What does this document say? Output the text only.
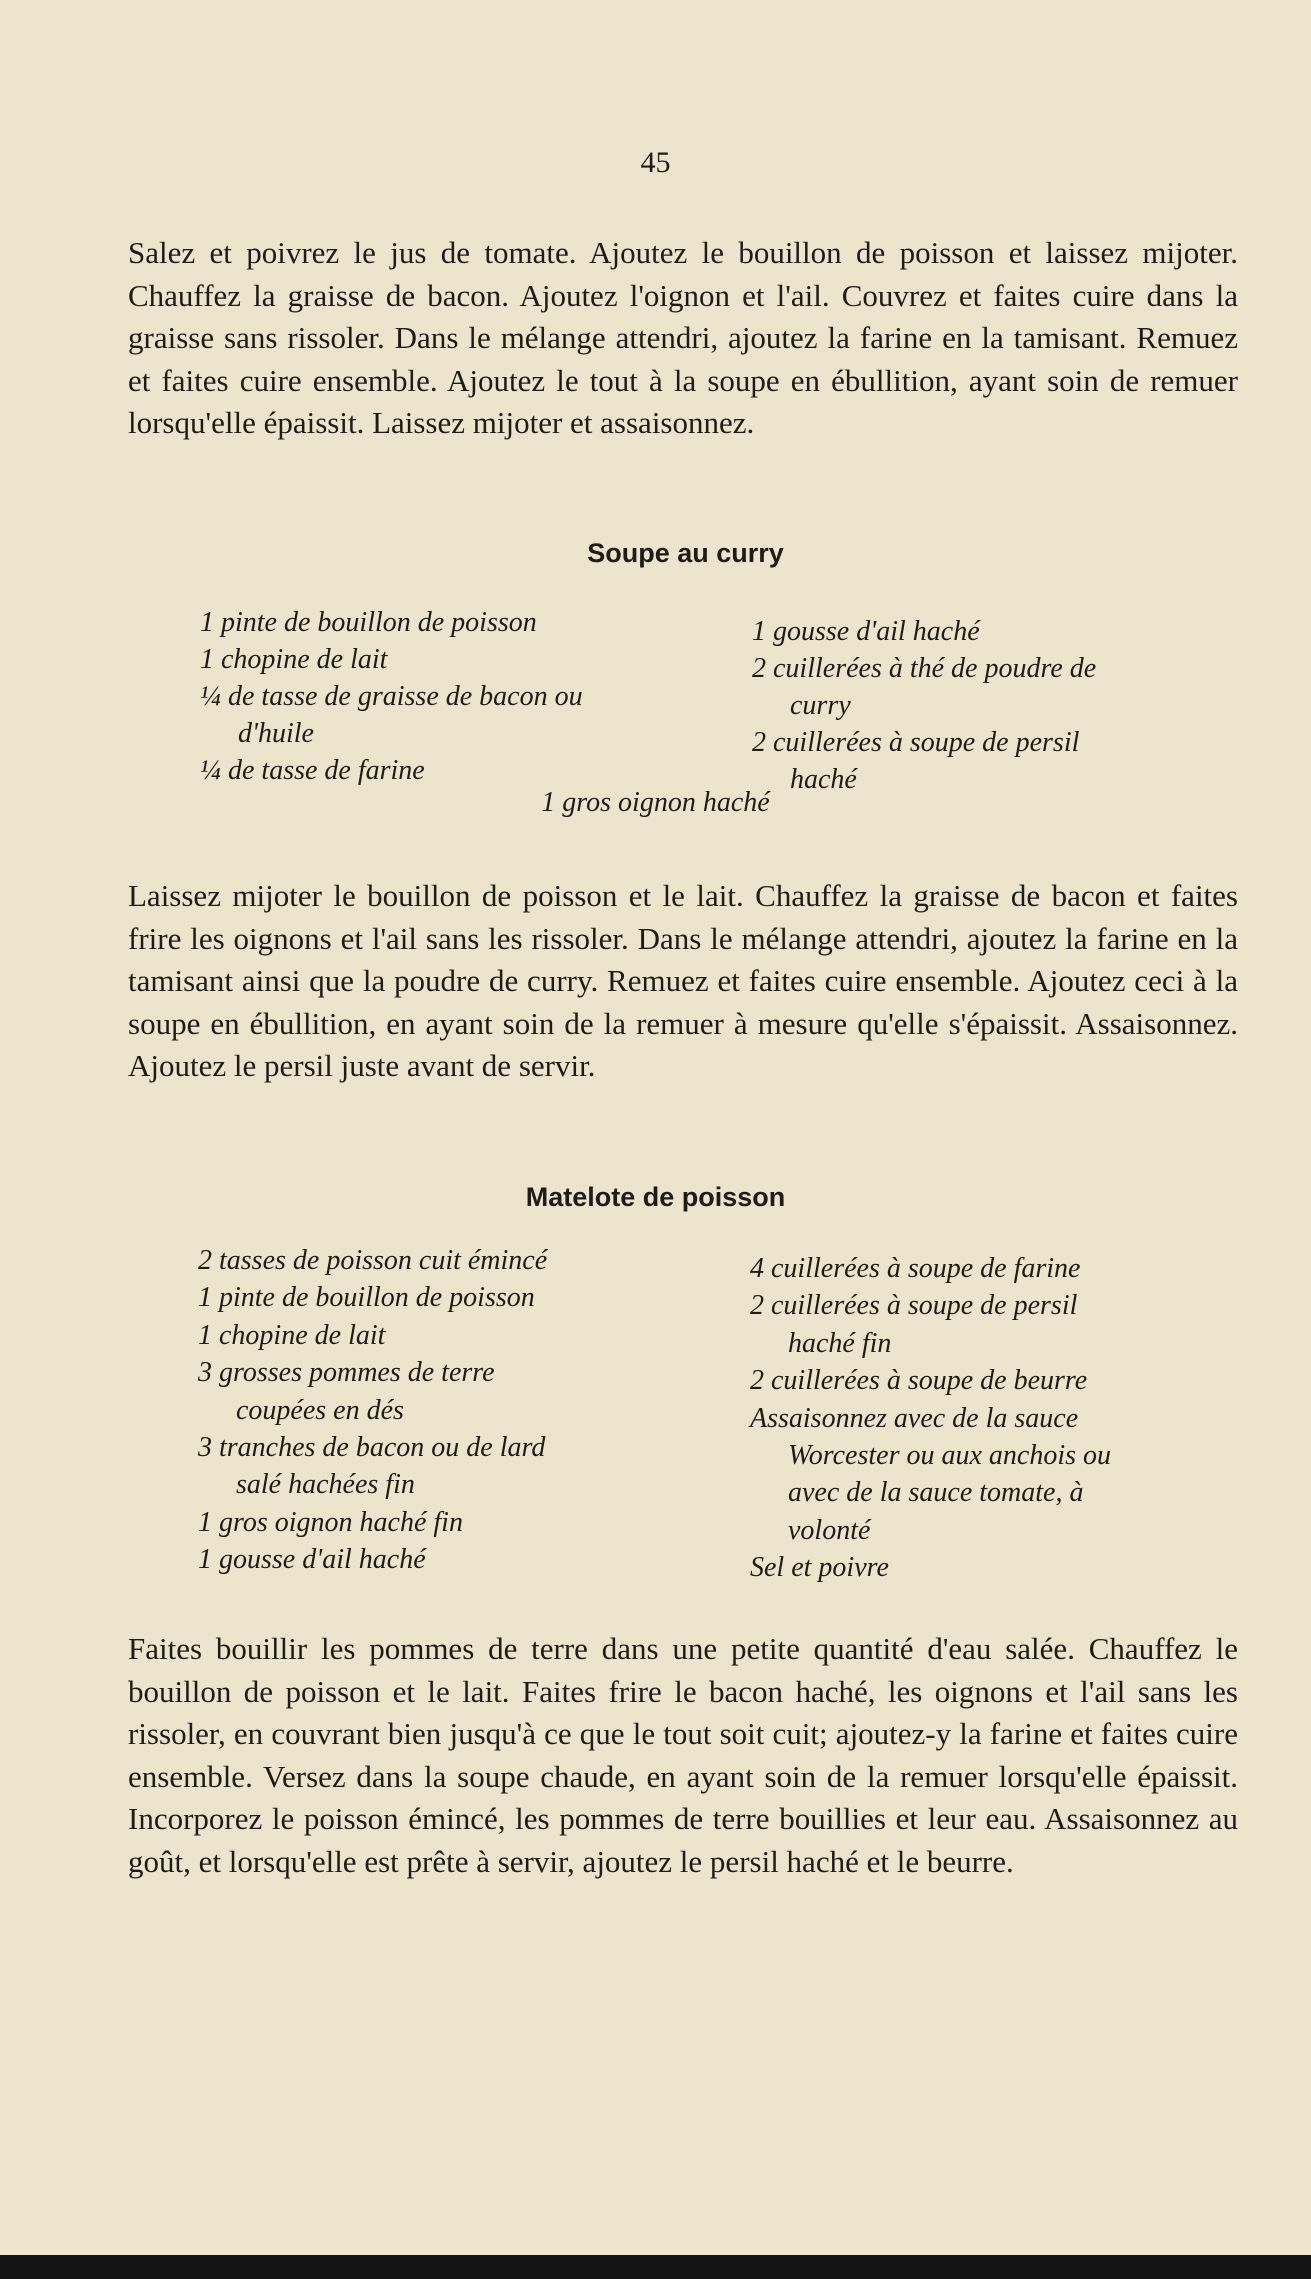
45

Salez et poivrez le jus de tomate. Ajoutez le bouillon de poisson et laissez mijoter. Chauffez la graisse de bacon. Ajoutez l'oignon et l'ail. Couvrez et faites cuire dans la graisse sans rissoler. Dans le mélange attendri, ajoutez la farine en la tamisant. Remuez et faites cuire ensemble. Ajoutez le tout à la soupe en ébullition, ayant soin de remuer lorsqu'elle épaissit. Laissez mijoter et assaisonnez.

Soupe au curry
1 pinte de bouillon de poisson
1 chopine de lait
¼ de tasse de graisse de bacon ou
d'huile
¼ de tasse de farine
1 gousse d'ail haché
2 cuillerées à thé de poudre de
curry
2 cuillerées à soupe de persil
haché
1 gros oignon haché

Laissez mijoter le bouillon de poisson et le lait. Chauffez la graisse de bacon et faites frire les oignons et l'ail sans les rissoler. Dans le mélange attendri, ajoutez la farine en la tamisant ainsi que la poudre de curry. Remuez et faites cuire ensemble. Ajoutez ceci à la soupe en ébullition, en ayant soin de la remuer à mesure qu'elle s'épaissit. Assaisonnez. Ajoutez le persil juste avant de servir.

Matelote de poisson
2 tasses de poisson cuit émincé
1 pinte de bouillon de poisson
1 chopine de lait
3 grosses pommes de terre
coupées en dés
3 tranches de bacon ou de lard
salé hachées fin
1 gros oignon haché fin
1 gousse d'ail haché
4 cuillerées à soupe de farine
2 cuillerées à soupe de persil
haché fin
2 cuillerées à soupe de beurre
Assaisonnez avec de la sauce
Worcester ou aux anchois ou
avec de la sauce tomate, à
volonté
Sel et poivre

Faites bouillir les pommes de terre dans une petite quantité d'eau salée. Chauffez le bouillon de poisson et le lait. Faites frire le bacon haché, les oignons et l'ail sans les rissoler, en couvrant bien jusqu'à ce que le tout soit cuit; ajoutez-y la farine et faites cuire ensemble. Versez dans la soupe chaude, en ayant soin de la remuer lorsqu'elle épaissit. Incorporez le poisson émincé, les pommes de terre bouillies et leur eau. Assaisonnez au goût, et lorsqu'elle est prête à servir, ajoutez le persil haché et le beurre.
